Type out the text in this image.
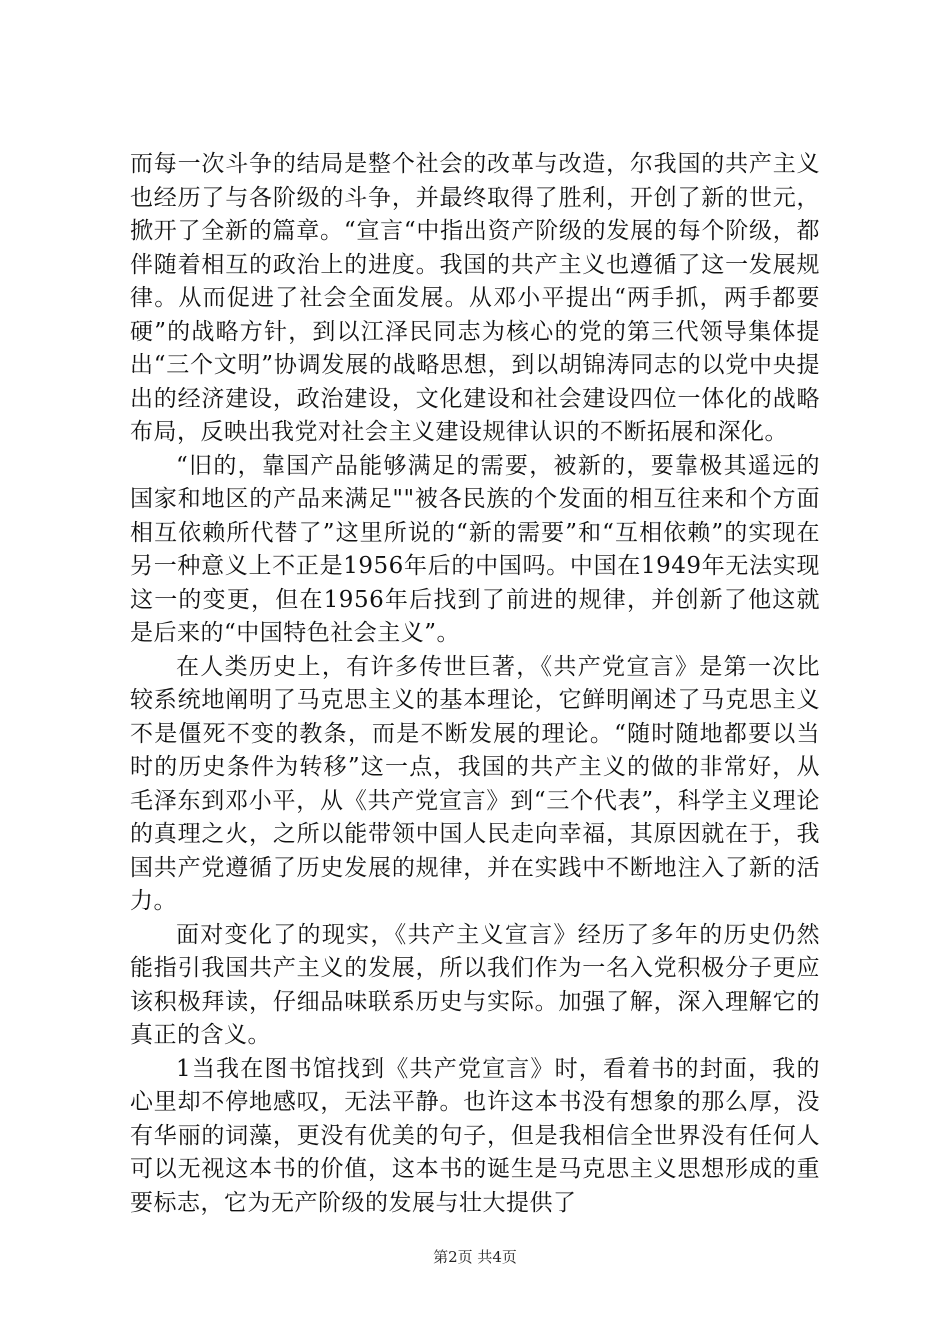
而每一次斗争的结局是整个社会的改革与改造，尔我国的共产主义也经历了与各阶级的斗争，并最终取得了胜利，开创了新的世元，掀开了全新的篇章。“宣言“中指出资产阶级的发展的每个阶级，都伴随着相互的政治上的进度。我国的共产主义也遵循了这一发展规律。从而促进了社会全面发展。从邓小平提出“两手抓，两手都要硬”的战略方针，到以江泽民同志为核心的党的第三代领导集体提出“三个文明”协调发展的战略思想，到以胡锦涛同志的以党中央提出的经济建设，政治建设，文化建设和社会建设四位一体化的战略布局，反映出我党对社会主义建设规律认识的不断拓展和深化。

“旧的，靠国产品能够满足的需要，被新的，要靠极其遥远的国家和地区的产品来满足""被各民族的个发面的相互往来和个方面相互依赖所代替了”这里所说的“新的需要”和“互相依赖”的实现在另一种意义上不正是1956年后的中国吗。中国在1949年无法实现这一的变更，但在1956年后找到了前进的规律，并创新了他这就是后来的“中国特色社会主义”。

在人类历史上，有许多传世巨著，《共产党宣言》是第一次比较系统地阐明了马克思主义的基本理论，它鲜明阐述了马克思主义不是僵死不变的教条，而是不断发展的理论。“随时随地都要以当时的历史条件为转移”这一点，我国的共产主义的做的非常好，从毛泽东到邓小平，从《共产党宣言》到“三个代表”，科学主义理论的真理之火，之所以能带领中国人民走向幸福，其原因就在于，我国共产党遵循了历史发展的规律，并在实践中不断地注入了新的活力。

面对变化了的现实，《共产主义宣言》经历了多年的历史仍然能指引我国共产主义的发展，所以我们作为一名入党积极分子更应该积极拜读，仔细品味联系历史与实际。加强了解，深入理解它的真正的含义。

1当我在图书馆找到《共产党宣言》时，看着书的封面，我的心里却不停地感叹，无法平静。也许这本书没有想象的那么厚，没有华丽的词藻，更没有优美的句子，但是我相信全世界没有任何人可以无视这本书的价值，这本书的诞生是马克思主义思想形成的重要标志，它为无产阶级的发展与壮大提供了

第2页 共4页
